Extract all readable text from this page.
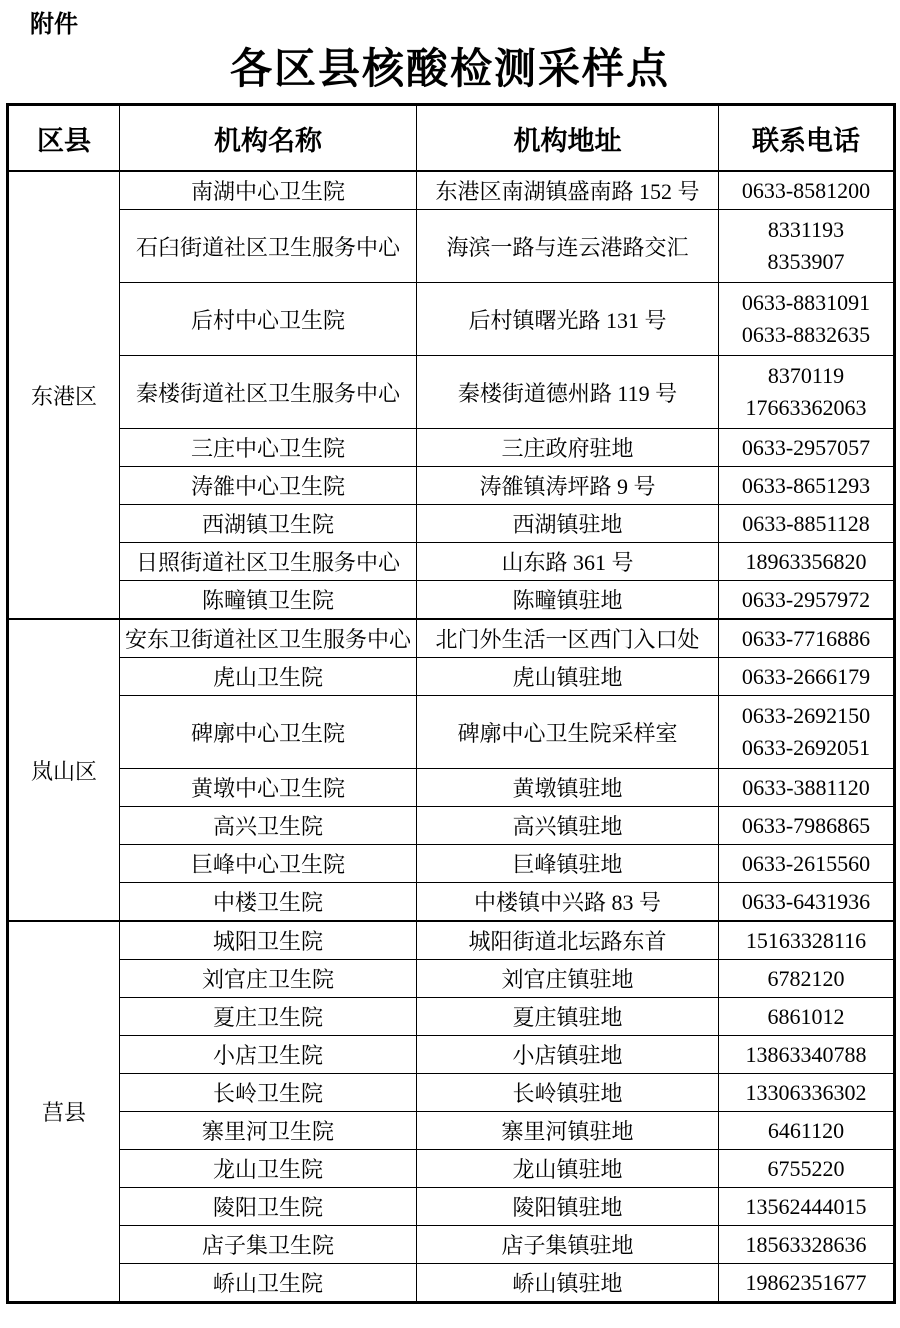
附件
各区县核酸检测采样点
区县	机构名称	机构地址	联系电话
东港区	南湖中心卫生院	东港区南湖镇盛南路 152 号	0633-8581200

	石臼街道社区卫生服务中心	海滨一路与连云港路交汇	8331193
8353907

	后村中心卫生院	后村镇曙光路 131 号	0633-8831091
0633-8832635

	秦楼街道社区卫生服务中心	秦楼街道德州路 119 号	8370119
17663362063

	三庄中心卫生院	三庄政府驻地	0633-2957057

	涛雒中心卫生院	涛雒镇涛坪路 9 号	0633-8651293

	西湖镇卫生院	西湖镇驻地	0633-8851128

	日照街道社区卫生服务中心	山东路 361 号	18963356820

	陈疃镇卫生院	陈疃镇驻地	0633-2957972

岚山区	安东卫街道社区卫生服务中心	北门外生活一区西门入口处	0633-7716886

	虎山卫生院	虎山镇驻地	0633-2666179

	碑廓中心卫生院	碑廓中心卫生院采样室	0633-2692150
0633-2692051

	黄墩中心卫生院	黄墩镇驻地	0633-3881120

	高兴卫生院	高兴镇驻地	0633-7986865

	巨峰中心卫生院	巨峰镇驻地	0633-2615560

	中楼卫生院	中楼镇中兴路 83 号	0633-6431936

莒县	城阳卫生院	城阳街道北坛路东首	15163328116

	刘官庄卫生院	刘官庄镇驻地	6782120

	夏庄卫生院	夏庄镇驻地	6861012

	小店卫生院	小店镇驻地	13863340788

	长岭卫生院	长岭镇驻地	13306336302

	寨里河卫生院	寨里河镇驻地	6461120

	龙山卫生院	龙山镇驻地	6755220

	陵阳卫生院	陵阳镇驻地	13562444015

	店子集卫生院	店子集镇驻地	18563328636

	峤山卫生院	峤山镇驻地	19862351677
